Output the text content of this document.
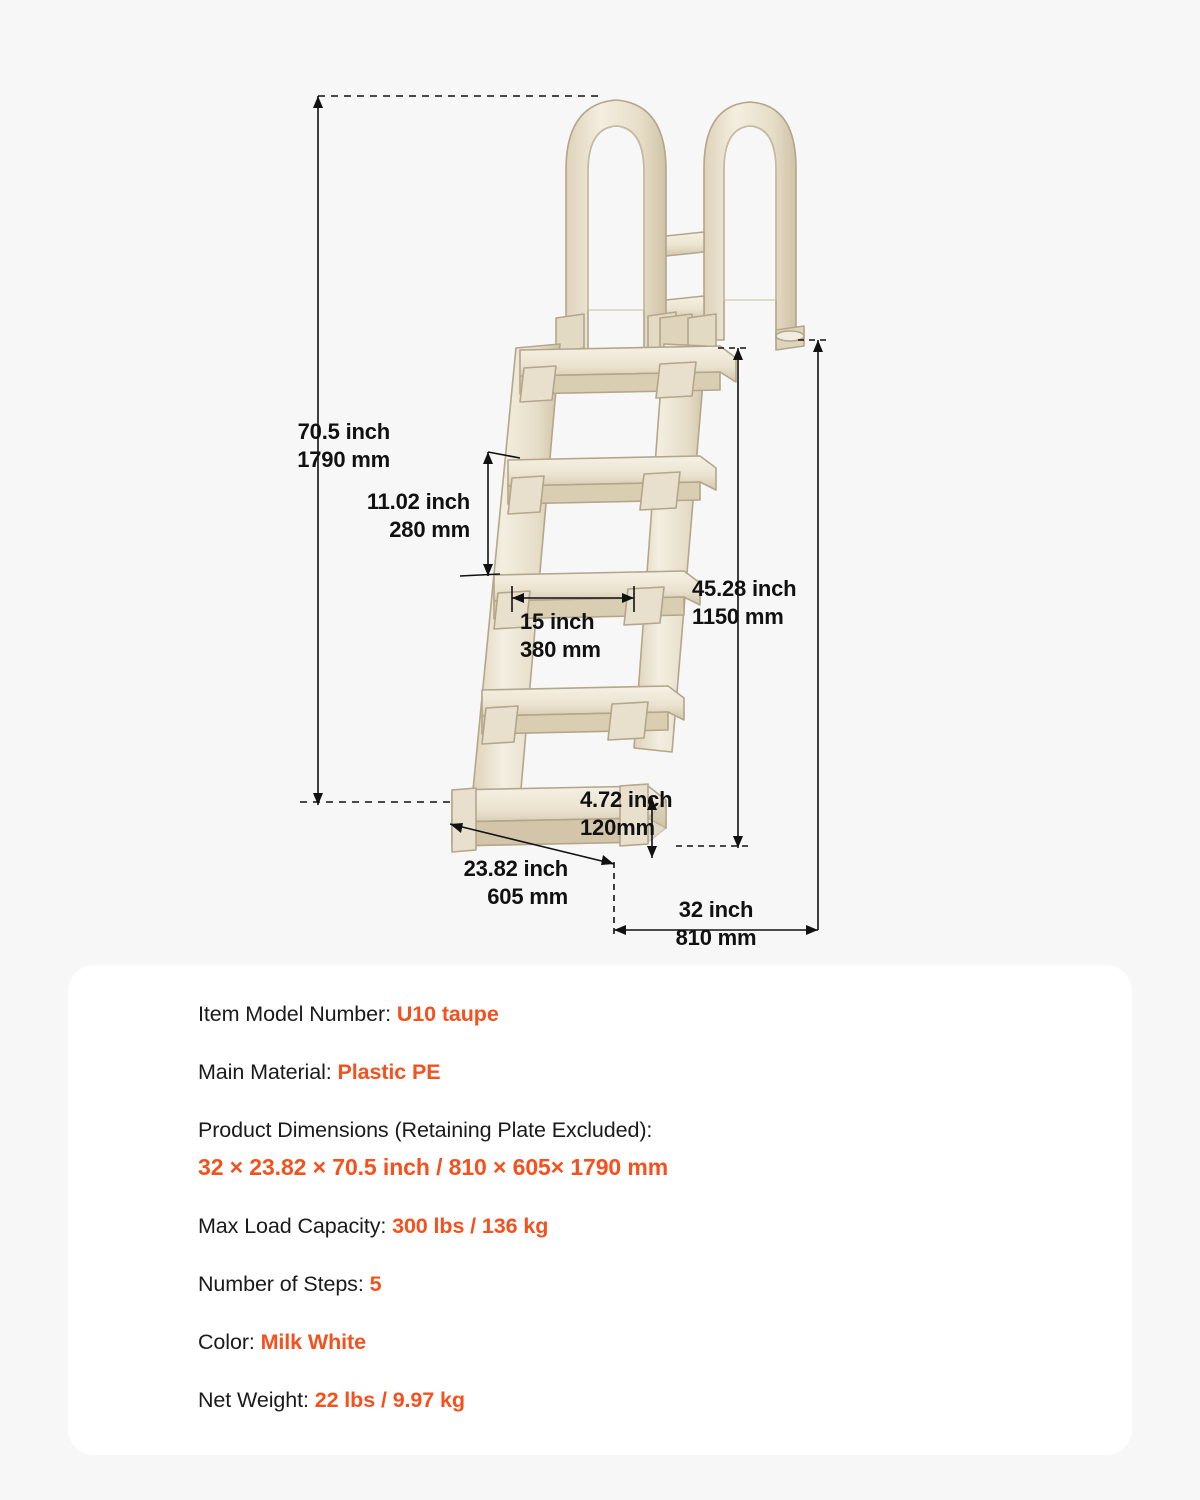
70.5 inch
1790 mm
11.02 inch
280 mm
15 inch
380 mm
45.28 inch
1150 mm
4.72 inch
120mm
23.82 inch
605 mm
32 inch
810 mm
Item Model Number: U10 taupe
Main Material: Plastic PE
Product Dimensions (Retaining Plate Excluded):
32 × 23.82 × 70.5 inch / 810 × 605× 1790 mm
Max Load Capacity: 300 lbs / 136 kg
Number of Steps: 5
Color: Milk White
Net Weight: 22 lbs / 9.97 kg
